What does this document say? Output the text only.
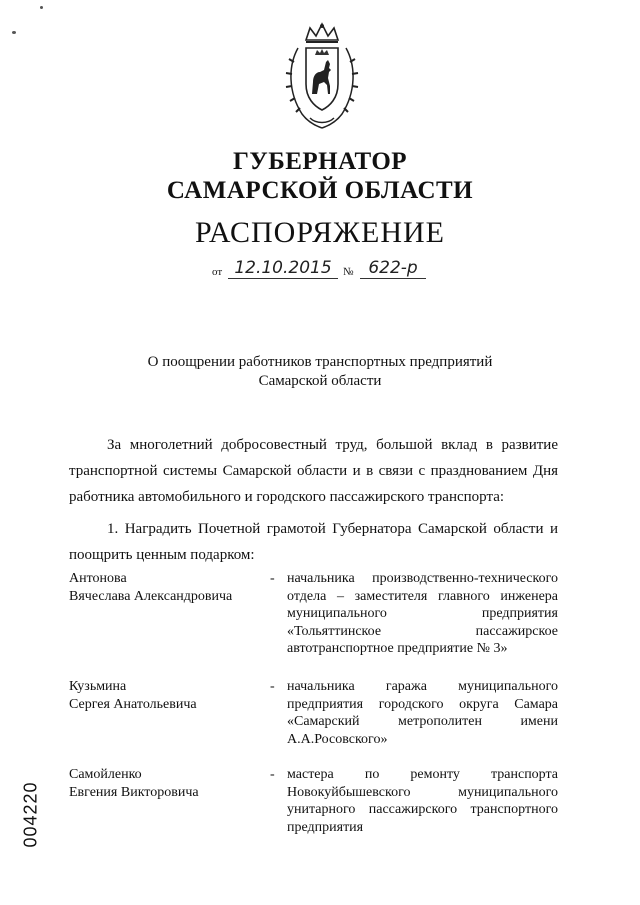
ГУБЕРНАТОР
САМАРСКОЙ ОБЛАСТИ
РАСПОРЯЖЕНИЕ
от 12.10.2015	№ 622-р
О поощрении работников транспортных предприятий
Самарской области
За многолетний добросовестный труд, большой вклад в развитие транспортной системы Самарской области и в связи с празднованием Дня работника автомобильного и городского пассажирского транспорта:
1. Наградить Почетной грамотой Губернатора Самарской области и поощрить ценным подарком:
Антонова
Вячеслава Александровича
- начальника производственно-технического отдела – заместителя главного инженера муниципального предприятия «Тольяттинское пассажирское автотранспортное предприятие № 3»
Кузьмина
Сергея Анатольевича
- начальника гаража муниципального предприятия городского округа Самара «Самарский метрополитен имени А.А.Росовского»
Самойленко
Евгения Викторовича
- мастера по ремонту транспорта Новокуйбышевского муниципального унитарного пассажирского транспортного предприятия
004220
